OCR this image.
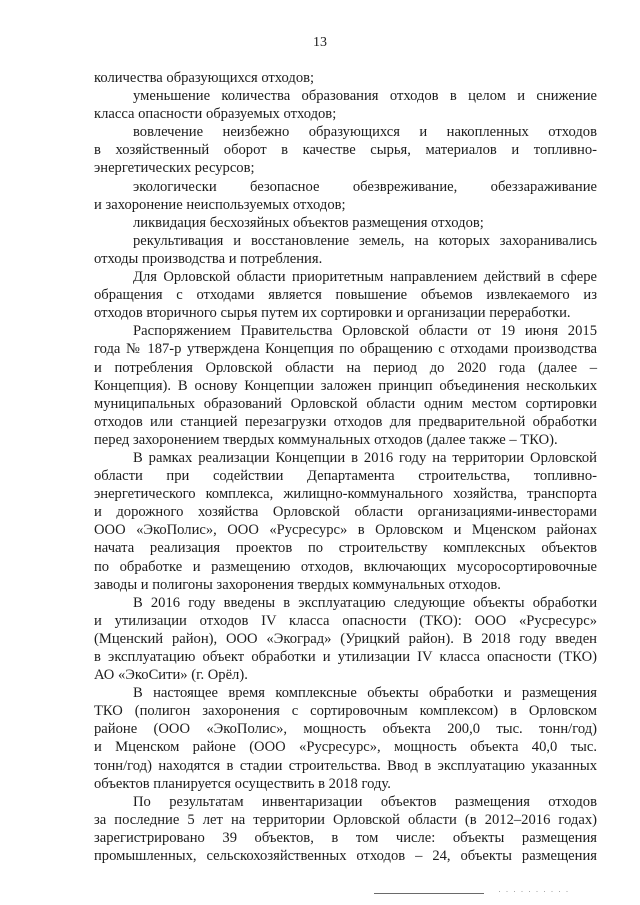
13
количества образующихся отходов;
уменьшение количества образования отходов в целом и снижение
класса опасности образуемых отходов;
вовлечение неизбежно образующихся и накопленных отходов
в хозяйственный оборот в качестве сырья, материалов и топливно-
энергетических ресурсов;
экологически безопасное обезвреживание, обеззараживание
и захоронение неиспользуемых отходов;
ликвидация бесхозяйных объектов размещения отходов;
рекультивация и восстановление земель, на которых захоранивались
отходы производства и потребления.
Для Орловской области приоритетным направлением действий в сфере
обращения с отходами является повышение объемов извлекаемого из
отходов вторичного сырья путем их сортировки и организации переработки.
Распоряжением Правительства Орловской области от 19 июня 2015
года № 187-р утверждена Концепция по обращению с отходами производства
и потребления Орловской области на период до 2020 года (далее –
Концепция). В основу Концепции заложен принцип объединения нескольких
муниципальных образований Орловской области одним местом сортировки
отходов или станцией перезагрузки отходов для предварительной обработки
перед захоронением твердых коммунальных отходов (далее также – ТКО).
В рамках реализации Концепции в 2016 году на территории Орловской
области при содействии Департамента строительства, топливно-
энергетического комплекса, жилищно-коммунального хозяйства, транспорта
и дорожного хозяйства Орловской области организациями-инвесторами
ООО «ЭкоПолис», ООО «Русресурс» в Орловском и Мценском районах
начата реализация проектов по строительству комплексных объектов
по обработке и размещению отходов, включающих мусоросортировочные
заводы и полигоны захоронения твердых коммунальных отходов.
В 2016 году введены в эксплуатацию следующие объекты обработки
и утилизации отходов IV класса опасности (ТКО): ООО «Русресурс»
(Мценский район), ООО «Экоград» (Урицкий район). В 2018 году введен
в эксплуатацию объект обработки и утилизации IV класса опасности (ТКО)
АО «ЭкоСити» (г. Орёл).
В настоящее время комплексные объекты обработки и размещения
ТКО (полигон захоронения с сортировочным комплексом) в Орловском
районе (ООО «ЭкоПолис», мощность объекта 200,0 тыс. тонн/год)
и Мценском районе (ООО «Русресурс», мощность объекта 40,0 тыс.
тонн/год) находятся в стадии строительства. Ввод в эксплуатацию указанных
объектов планируется осуществить в 2018 году.
По результатам инвентаризации объектов размещения отходов
за последние 5 лет на территории Орловской области (в 2012–2016 годах)
зарегистрировано 39 объектов, в том числе: объекты размещения
промышленных, сельскохозяйственных отходов – 24, объекты размещения
· · · · · · · · · ·
